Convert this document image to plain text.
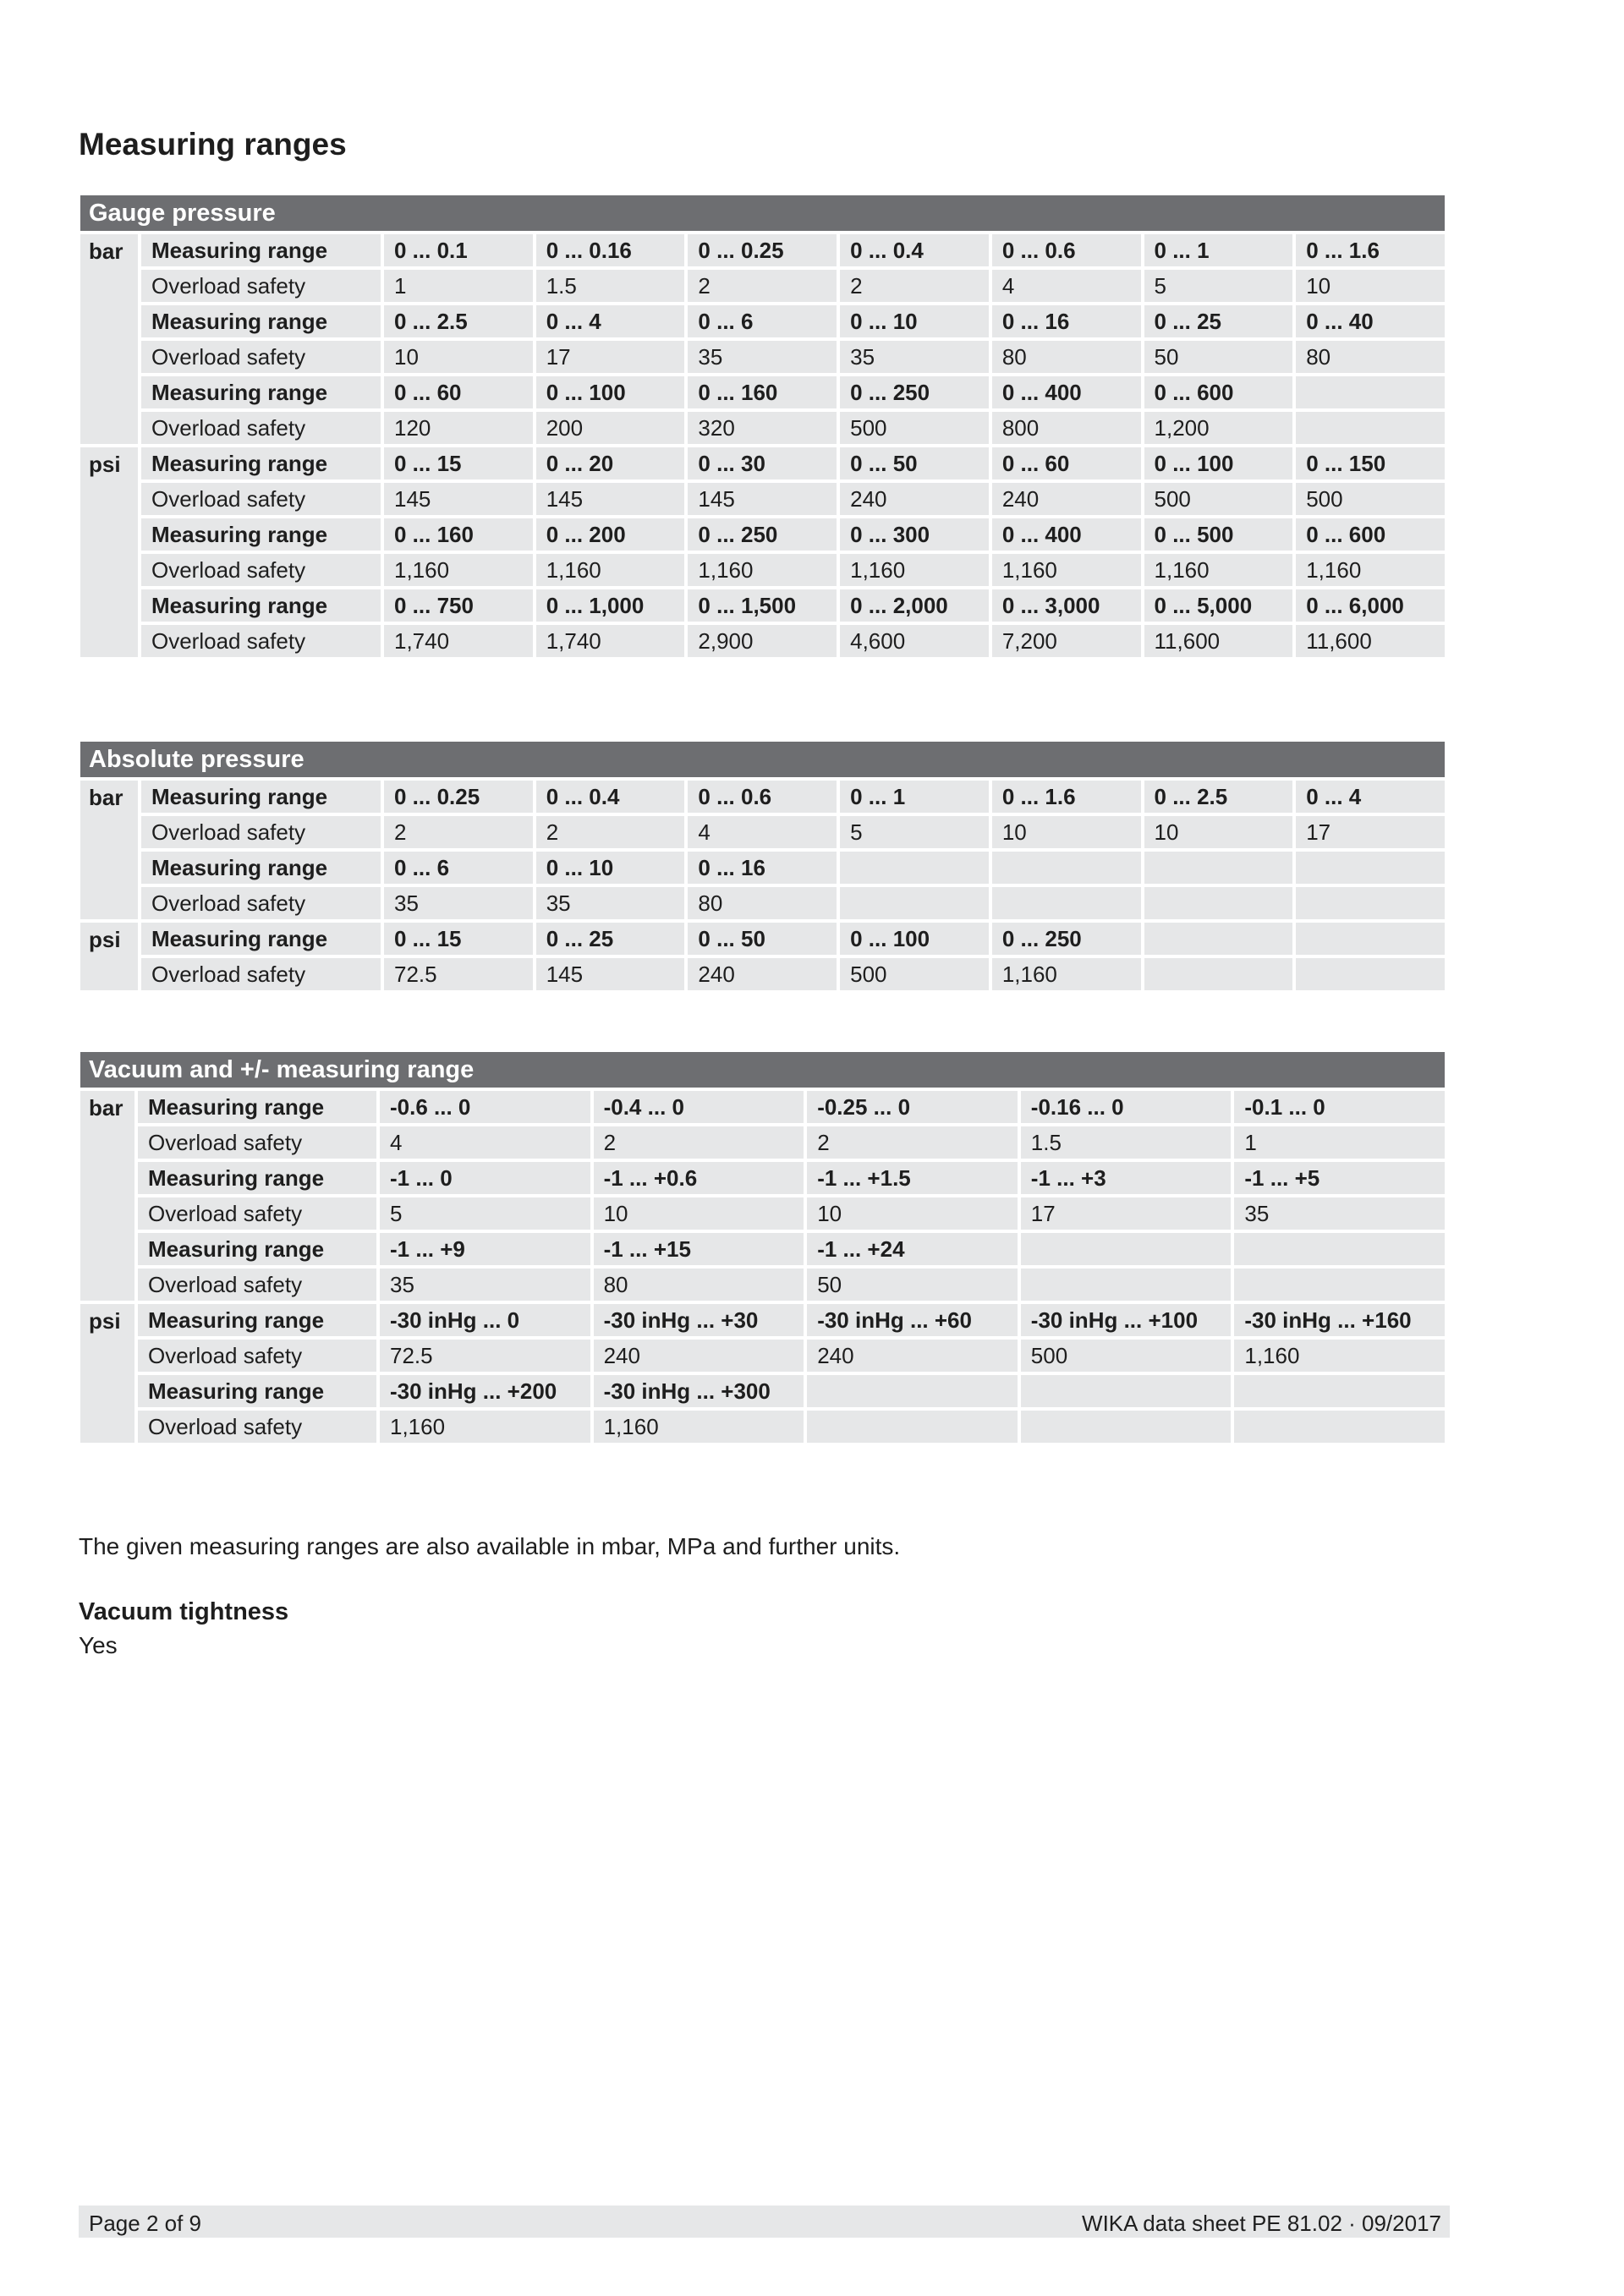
Measuring ranges
Gauge pressure								
bar	Measuring range	0 ... 0.1	0 ... 0.16	0 ... 0.25	0 ... 0.4	0 ... 0.6	0 ... 1	0 ... 1.6
	Overload safety	1	1.5	2	2	4	5	10
	Measuring range	0 ... 2.5	0 ... 4	0 ... 6	0 ... 10	0 ... 16	0 ... 25	0 ... 40
	Overload safety	10	17	35	35	80	50	80
	Measuring range	0 ... 60	0 ... 100	0 ... 160	0 ... 250	0 ... 400	0 ... 600	
	Overload safety	120	200	320	500	800	1,200	
psi	Measuring range	0 ... 15	0 ... 20	0 ... 30	0 ... 50	0 ... 60	0 ... 100	0 ... 150
	Overload safety	145	145	145	240	240	500	500
	Measuring range	0 ... 160	0 ... 200	0 ... 250	0 ... 300	0 ... 400	0 ... 500	0 ... 600
	Overload safety	1,160	1,160	1,160	1,160	1,160	1,160	1,160
	Measuring range	0 ... 750	0 ... 1,000	0 ... 1,500	0 ... 2,000	0 ... 3,000	0 ... 5,000	0 ... 6,000
	Overload safety	1,740	1,740	2,900	4,600	7,200	11,600	11,600
Absolute pressure								
bar	Measuring range	0 ... 0.25	0 ... 0.4	0 ... 0.6	0 ... 1	0 ... 1.6	0 ... 2.5	0 ... 4
	Overload safety	2	2	4	5	10	10	17
	Measuring range	0 ... 6	0 ... 10	0 ... 16				
	Overload safety	35	35	80				
psi	Measuring range	0 ... 15	0 ... 25	0 ... 50	0 ... 100	0 ... 250		
	Overload safety	72.5	145	240	500	1,160		
Vacuum and +/- measuring range						
bar	Measuring range	-0.6 ... 0	-0.4 ... 0	-0.25 ... 0	-0.16 ... 0	-0.1 ... 0
	Overload safety	4	2	2	1.5	1
	Measuring range	-1 ... 0	-1 ... +0.6	-1 ... +1.5	-1 ... +3	-1 ... +5
	Overload safety	5	10	10	17	35
	Measuring range	-1 ... +9	-1 ... +15	-1 ... +24		
	Overload safety	35	80	50		
psi	Measuring range	-30 inHg ... 0	-30 inHg ... +30	-30 inHg ... +60	-30 inHg ... +100	-30 inHg ... +160
	Overload safety	72.5	240	240	500	1,160
	Measuring range	-30 inHg ... +200	-30 inHg ... +300			
	Overload safety	1,160	1,160			

The given measuring ranges are also available in mbar, MPa and further units.

Vacuum tightness

Yes

Page 2 of 9	WIKA data sheet PE 81.02 · 09/2017
